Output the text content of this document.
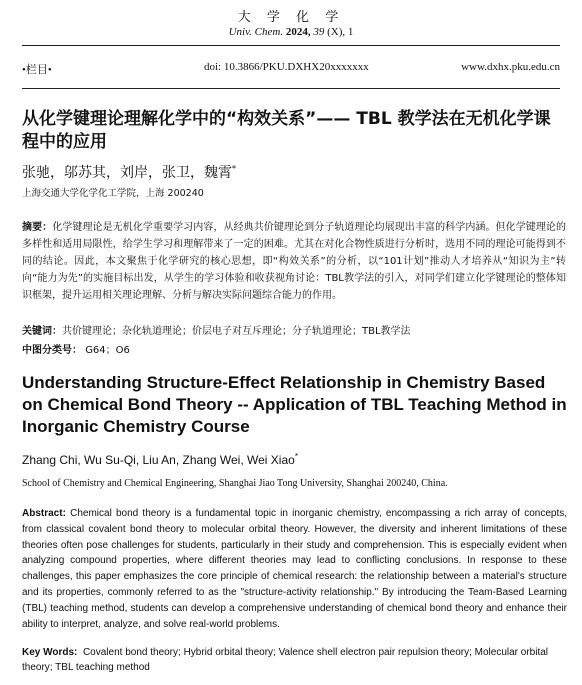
大 学 化 学
Univ. Chem. 2024, 39 (X), 1
•栏目•	doi: 10.3866/PKU.DXHX20xxxxxxx	www.dxhx.pku.edu.cn
从化学键理论理解化学中的“构效关系”—— TBL 教学法在无机化学课程中的应用
张驰，邬苏其，刘岸，张卫，魏霄*
上海交通大学化学化工学院，上海 200240
摘要：化学键理论是无机化学重要学习内容，从经典共价键理论到分子轨道理论均展现出丰富的科学内涵。但化学键理论的多样性和适用局限性，给学生学习和理解带来了一定的困难。尤其在对化合物性质进行分析时，选用不同的理论可能得到不同的结论。因此，本文聚焦于化学研究的核心思想，即“构效关系”的分析，以“101计划”推动人才培养从“知识为主”转向“能力为先”的实施目标出发，从学生的学习体验和收获视角讨论：TBL教学法的引入，对同学们建立化学键理论的整体知识框架，提升运用相关理论理解、分析与解决实际问题综合能力的作用。
关键词：共价键理论；杂化轨道理论；价层电子对互斥理论；分子轨道理论；TBL教学法
中图分类号： G64；O6
Understanding Structure-Effect Relationship in Chemistry Based on Chemical Bond Theory -- Application of TBL Teaching Method in Inorganic Chemistry Course
Zhang Chi, Wu Su-Qi, Liu An, Zhang Wei, Wei Xiao*
School of Chemistry and Chemical Engineering, Shanghai Jiao Tong University, Shanghai 200240, China.
Abstract: Chemical bond theory is a fundamental topic in inorganic chemistry, encompassing a rich array of concepts, from classical covalent bond theory to molecular orbital theory. However, the diversity and inherent limitations of these theories often pose challenges for students, particularly in their study and comprehension. This is especially evident when analyzing compound properties, where different theories may lead to conflicting conclusions. In response to these challenges, this paper emphasizes the core principle of chemical research: the relationship between a material's structure and its properties, commonly referred to as the "structure-activity relationship." By introducing the Team-Based Learning (TBL) teaching method, students can develop a comprehensive understanding of chemical bond theory and enhance their ability to interpret, analyze, and solve real-world problems.
Key Words: Covalent bond theory; Hybrid orbital theory; Valence shell electron pair repulsion theory; Molecular orbital theory; TBL teaching method
